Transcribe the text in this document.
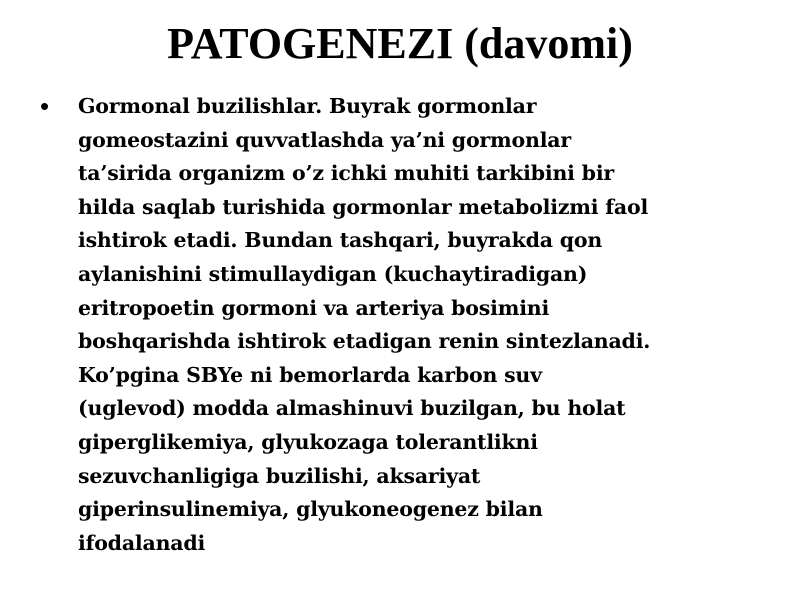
PATOGENEZI (davomi)
•	Gormonal buzilishlar. Buyrak gormonlar
gomeostazini quvvatlashda ya’ni gormonlar
ta’sirida organizm o’z ichki muhiti tarkibini bir
hilda saqlab turishida gormonlar metabolizmi faol
ishtirok etadi. Bundan tashqari, buyrakda qon
aylanishini stimullaydigan (kuchaytiradigan)
eritropoetin gormoni va arteriya bosimini
boshqarishda ishtirok etadigan renin sintezlanadi.
Ko’pgina SBYe ni bemorlarda karbon suv
(uglevod) modda almashinuvi buzilgan, bu holat
giperglikemiya, glyukozaga tolerantlikni
sezuvchanligiga buzilishi, aksariyat
giperinsulinemiya, glyukoneogenez bilan
ifodalanadi
